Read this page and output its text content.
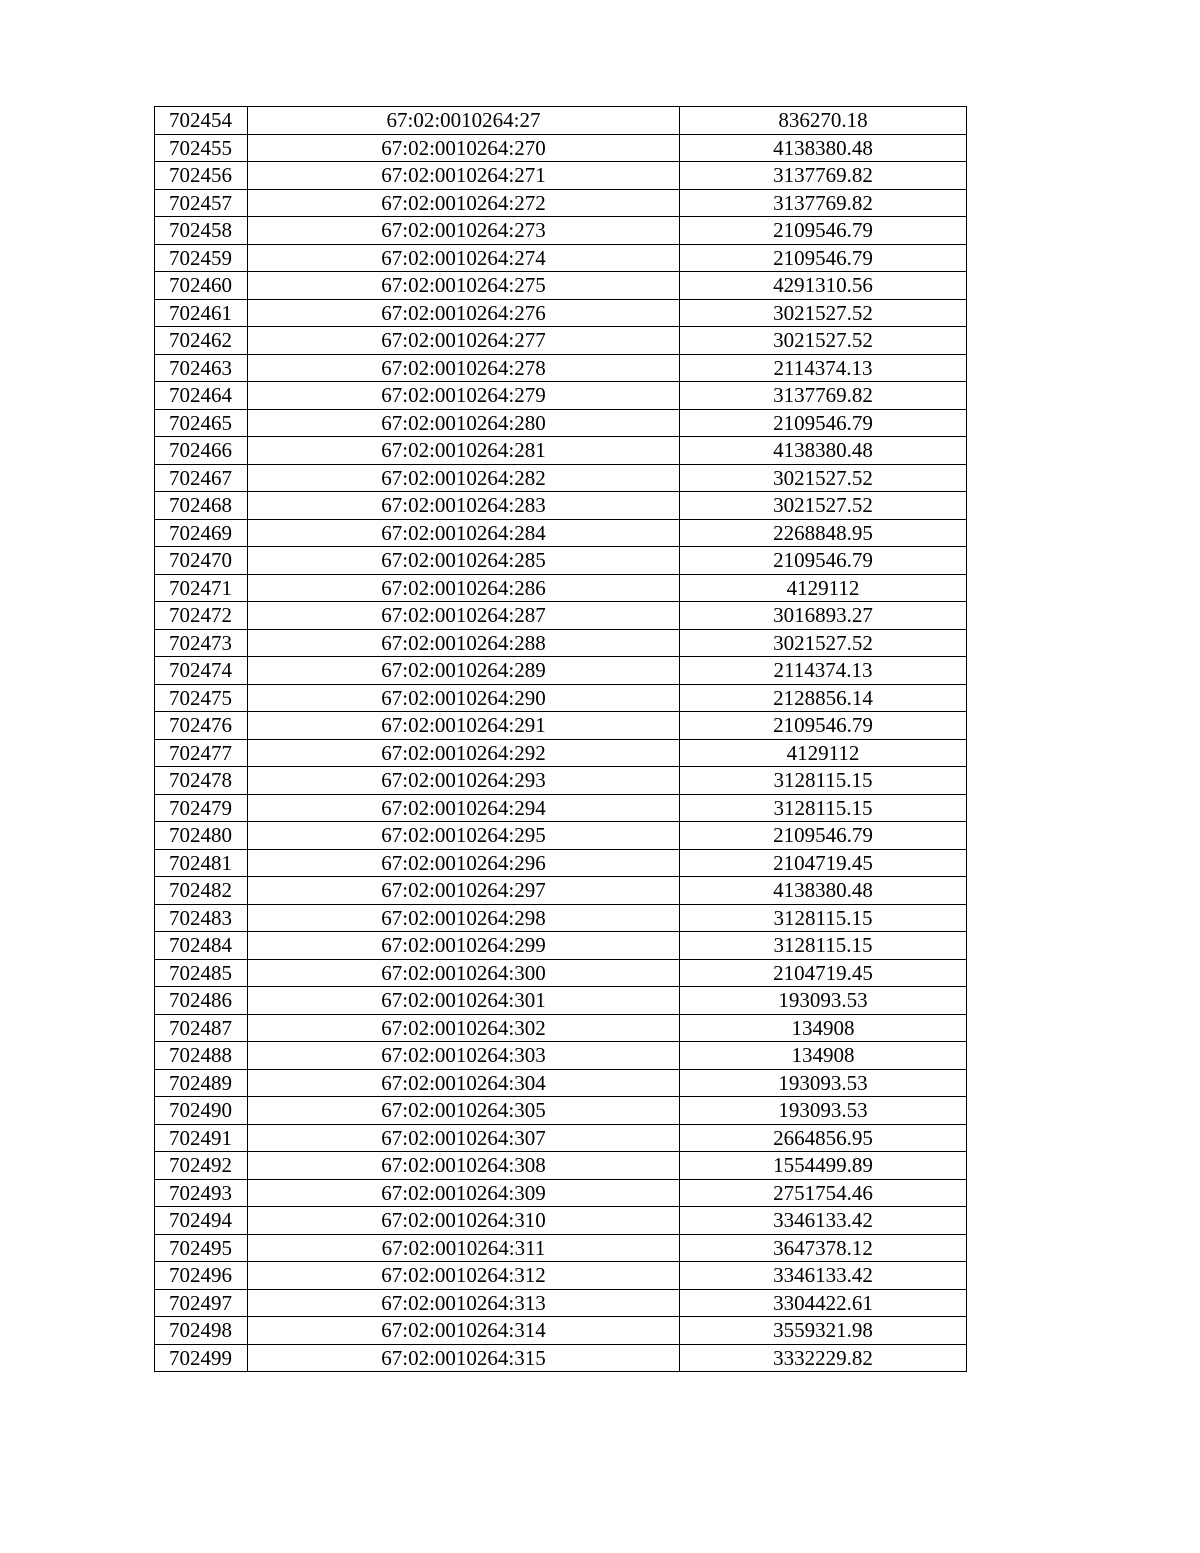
702454	67:02:0010264:27	836270.18
702455	67:02:0010264:270	4138380.48
702456	67:02:0010264:271	3137769.82
702457	67:02:0010264:272	3137769.82
702458	67:02:0010264:273	2109546.79
702459	67:02:0010264:274	2109546.79
702460	67:02:0010264:275	4291310.56
702461	67:02:0010264:276	3021527.52
702462	67:02:0010264:277	3021527.52
702463	67:02:0010264:278	2114374.13
702464	67:02:0010264:279	3137769.82
702465	67:02:0010264:280	2109546.79
702466	67:02:0010264:281	4138380.48
702467	67:02:0010264:282	3021527.52
702468	67:02:0010264:283	3021527.52
702469	67:02:0010264:284	2268848.95
702470	67:02:0010264:285	2109546.79
702471	67:02:0010264:286	4129112
702472	67:02:0010264:287	3016893.27
702473	67:02:0010264:288	3021527.52
702474	67:02:0010264:289	2114374.13
702475	67:02:0010264:290	2128856.14
702476	67:02:0010264:291	2109546.79
702477	67:02:0010264:292	4129112
702478	67:02:0010264:293	3128115.15
702479	67:02:0010264:294	3128115.15
702480	67:02:0010264:295	2109546.79
702481	67:02:0010264:296	2104719.45
702482	67:02:0010264:297	4138380.48
702483	67:02:0010264:298	3128115.15
702484	67:02:0010264:299	3128115.15
702485	67:02:0010264:300	2104719.45
702486	67:02:0010264:301	193093.53
702487	67:02:0010264:302	134908
702488	67:02:0010264:303	134908
702489	67:02:0010264:304	193093.53
702490	67:02:0010264:305	193093.53
702491	67:02:0010264:307	2664856.95
702492	67:02:0010264:308	1554499.89
702493	67:02:0010264:309	2751754.46
702494	67:02:0010264:310	3346133.42
702495	67:02:0010264:311	3647378.12
702496	67:02:0010264:312	3346133.42
702497	67:02:0010264:313	3304422.61
702498	67:02:0010264:314	3559321.98
702499	67:02:0010264:315	3332229.82
